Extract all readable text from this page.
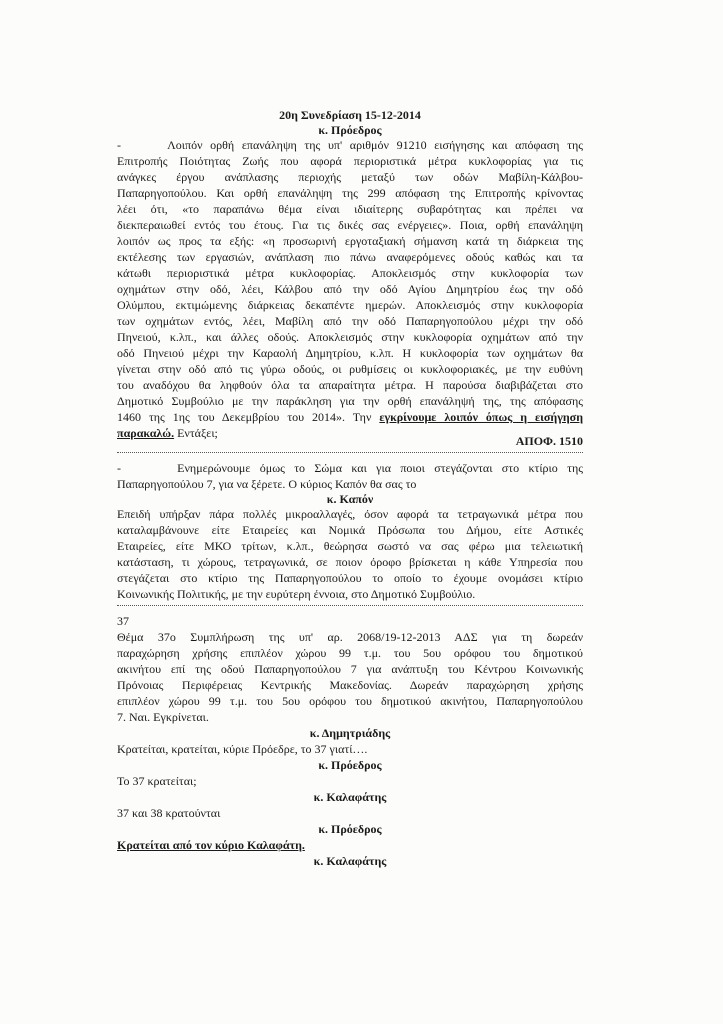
20η Συνεδρίαση 15-12-2014
κ. Πρόεδρος
-      Λοιπόν ορθή επανάληψη της υπ' αριθμόν 91210 εισήγησης και απόφαση της
Επιτροπής Ποιότητας Ζωής που αφορά περιοριστικά μέτρα κυκλοφορίας για τις
ανάγκες έργου ανάπλασης περιοχής μεταξύ των οδών Μαβίλη-Κάλβου-
Παπαρηγοπούλου. Και ορθή επανάληψη της 299 απόφαση της Επιτροπής κρίνοντας
λέει ότι, «το παραπάνω θέμα είναι ιδιαίτερης συβαρότητας και πρέπει να
διεκπεραιωθεί εντός του έτους. Για τις δικές σας ενέργειες». Ποια, ορθή επανάληψη
λοιπόν ως προς τα εξής: «η προσωρινή εργοταξιακή σήμανση κατά τη διάρκεια της
εκτέλεσης των εργασιών, ανάπλαση πιο πάνω αναφερόμενες οδούς καθώς και τα
κάτωθι περιοριστικά μέτρα κυκλοφορίας. Αποκλεισμός στην κυκλοφορία των
οχημάτων στην οδό, λέει, Κάλβου από την οδό Αγίου Δημητρίου έως την οδό
Ολύμπου, εκτιμώμενης διάρκειας δεκαπέντε ημερών. Αποκλεισμός στην κυκλοφορία
των οχημάτων εντός, λέει, Μαβίλη από την οδό Παπαρηγοπούλου μέχρι την οδό
Πηνειού, κ.λπ., και άλλες οδούς. Αποκλεισμός στην κυκλοφορία οχημάτων από την
οδό Πηνειού μέχρι την Καραολή Δημητρίου, κ.λπ. Η κυκλοφορία των οχημάτων θα
γίνεται στην οδό από τις γύρω οδούς, οι ρυθμίσεις οι κυκλοφοριακές, με την ευθύνη
του αναδόχου θα ληφθούν όλα τα απαραίτητα μέτρα. Η παρούσα διαβιβάζεται στο
Δημοτικό Συμβούλιο με την παράκληση για την ορθή επανάληψή της, της απόφασης
1460 της 1ης του Δεκεμβρίου του 2014». Την εγκρίνουμε λοιπόν όπως η εισήγηση
παρακαλώ. Εντάξει;
ΑΠΟΦ. 1510
-      Ενημερώνουμε όμως το Σώμα και για ποιοι στεγάζονται στο κτίριο της
Παπαρηγοπούλου 7, για να ξέρετε. Ο κύριος Καπόν θα σας το
κ. Καπόν
Επειδή υπήρξαν πάρα πολλές μικροαλλαγές, όσον αφορά τα τετραγωνικά μέτρα που
καταλαμβάνουνε είτε Εταιρείες και Νομικά Πρόσωπα του Δήμου, είτε Αστικές
Εταιρείες, είτε ΜΚΟ τρίτων, κ.λπ., θεώρησα σωστό να σας φέρω μια τελειωτική
κατάσταση, τι χώρους, τετραγωνικά, σε ποιον όροφο βρίσκεται η κάθε Υπηρεσία που
στεγάζεται στο κτίριο της Παπαρηγοπούλου το οποίο το έχουμε ονομάσει κτίριο
Κοινωνικής Πολιτικής, με την ευρύτερη έννοια, στο Δημοτικό Συμβούλιο.
37
Θέμα 37ο Συμπλήρωση της υπ' αρ. 2068/19-12-2013 ΑΔΣ για τη δωρεάν
παραχώρηση χρήσης επιπλέον χώρου 99 τ.μ. του 5ου ορόφου του δημοτικού
ακινήτου επί της οδού Παπαρηγοπούλου 7 για ανάπτυξη του Κέντρου Κοινωνικής
Πρόνοιας Περιφέρειας Κεντρικής Μακεδονίας. Δωρεάν παραχώρηση χρήσης
επιπλέον χώρου 99 τ.μ. του 5ου ορόφου του δημοτικού ακινήτου, Παπαρηγοπούλου
7. Ναι. Εγκρίνεται.
κ. Δημητριάδης
Κρατείται, κρατείται, κύριε Πρόεδρε, το 37 γιατί….
κ. Πρόεδρος
Το 37 κρατείται;
κ. Καλαφάτης
37 και 38 κρατούνται
κ. Πρόεδρος
Κρατείται από τον κύριο Καλαφάτη.
κ. Καλαφάτης
